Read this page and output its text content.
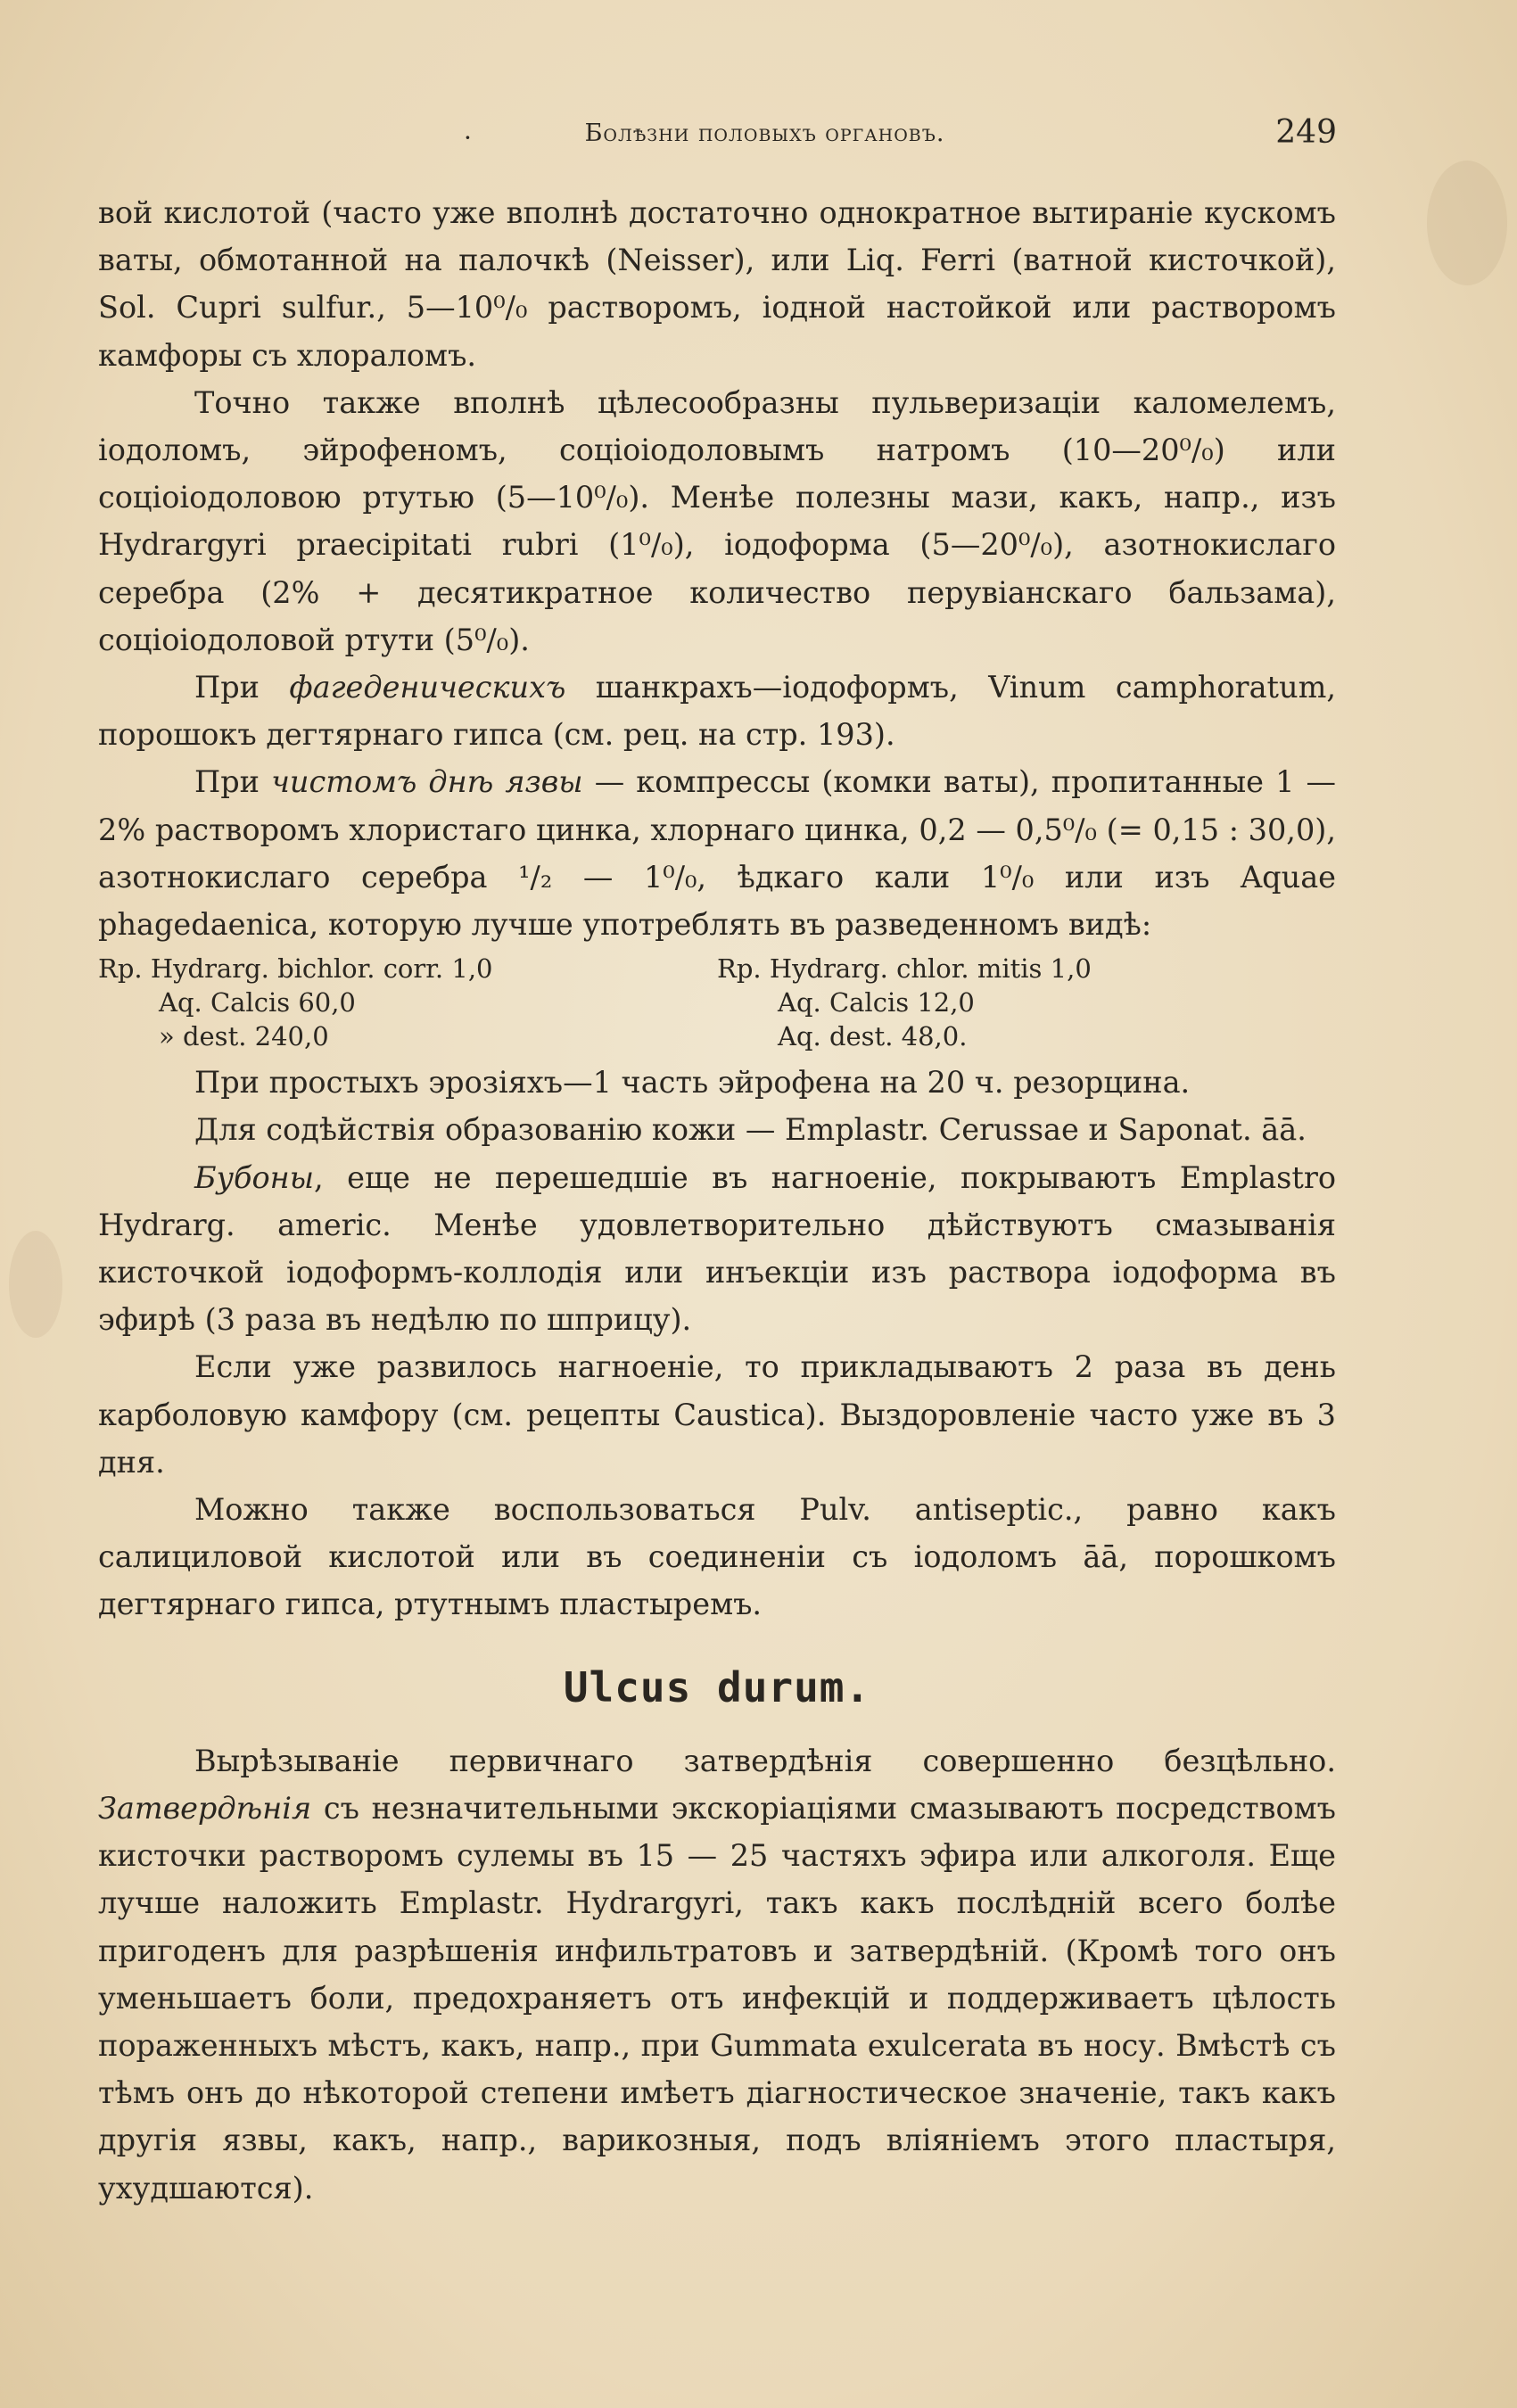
·	Болѣзни половыхъ органовъ.	249

вой кислотой (часто уже вполнѣ достаточно однократное вытираніе кускомъ ваты, обмотанной на палочкѣ (Neisser), или Liq. Ferri (ватной кисточкой), Sol. Cupri sulfur., 5—10⁰/₀ растворомъ, іодной настойкой или растворомъ камфоры съ хлораломъ.

Точно также вполнѣ цѣлесообразны пульверизаціи каломелемъ, іодоломъ, эйрофеномъ, соціоіодоловымъ натромъ (10—20⁰/₀) или соціоіодоловою ртутью (5—10⁰/₀). Менѣе полезны мази, какъ, напр., изъ Hydrargyri praecipitati rubri (1⁰/₀), іодоформа (5—20⁰/₀), азотнокислаго серебра (2% + десятикратное количество перувіанскаго бальзама), соціоіодоловой ртути (5⁰/₀).

При фагеденическихъ шанкрахъ—іодоформъ, Vinum camphoratum, порошокъ дегтярнаго гипса (см. рец. на стр. 193).

При чистомъ днѣ язвы — компрессы (комки ваты), пропитанные 1 — 2% растворомъ хлористаго цинка, хлорнаго цинка, 0,2 — 0,5⁰/₀ (= 0,15 : 30,0), азотнокислаго серебра ¹/₂ — 1⁰/₀, ѣдкаго кали 1⁰/₀ или изъ Aquae phagedaenica, которую лучше употреблять въ разведенномъ видѣ:

Rp. Hydrarg. bichlor. corr. 1,0
Aq. Calcis 60,0
» dest. 240,0
Rp. Hydrarg. chlor. mitis 1,0
Aq. Calcis 12,0
Aq. dest. 48,0.

При простыхъ эрозіяхъ—1 часть эйрофена на 20 ч. резорцина.

Для содѣйствія образованію кожи — Emplastr. Cerussae и Saponat. āā.

Бубоны, еще не перешедшіе въ нагноеніе, покрываютъ Emplastro Hydrarg. americ. Менѣе удовлетворительно дѣйствуютъ смазыванія кисточкой іодоформъ-коллодія или инъекціи изъ раствора іодоформа въ эфирѣ (3 раза въ недѣлю по шприцу).

Если уже развилось нагноеніе, то прикладываютъ 2 раза въ день карболовую камфору (см. рецепты Caustica). Выздоровленіе часто уже въ 3 дня.

Можно также воспользоваться Pulv. antiseptic., равно какъ салициловой кислотой или въ соединеніи съ іодоломъ āā, порошкомъ дегтярнаго гипса, ртутнымъ пластыремъ.

Ulcus durum.

Вырѣзываніе первичнаго затвердѣнія совершенно безцѣльно. Затвердѣнія съ незначительными экскоріаціями смазываютъ посредствомъ кисточки растворомъ сулемы въ 15 — 25 частяхъ эфира или алкоголя. Еще лучше наложить Emplastr. Hydrargyri, такъ какъ послѣдній всего болѣе пригоденъ для разрѣшенія инфильтратовъ и затвердѣній. (Кромѣ того онъ уменьшаетъ боли, предохраняетъ отъ инфекцій и поддерживаетъ цѣлость пораженныхъ мѣстъ, какъ, напр., при Gummata exulcerata въ носу. Вмѣстѣ съ тѣмъ онъ до нѣкоторой степени имѣетъ діагностическое значеніе, такъ какъ другія язвы, какъ, напр., варикозныя, подъ вліяніемъ этого пластыря, ухудшаются).
